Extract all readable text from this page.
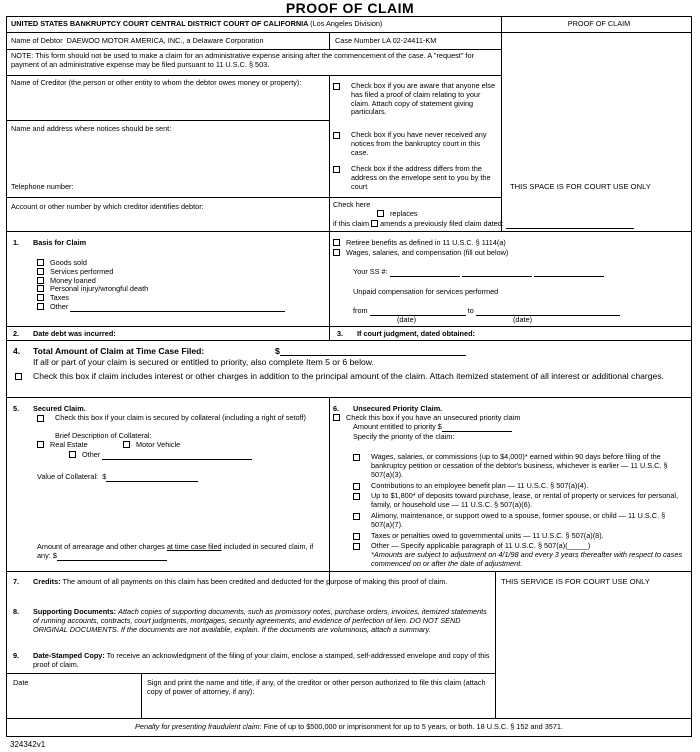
PROOF OF CLAIM
UNITED STATES BANKRUPTCY COURT CENTRAL DISTRICT COURT OF CALIFORNIA (Los Angeles Division)	PROOF OF CLAIM
Name of Debtor DAEWOO MOTOR AMERICA, INC., a Delaware Corporation	Case Number LA 02-24411-KM
NOTE: This form should not be used to make a claim for an administrative expense arising after the commencement of the case. A "request" for payment of an administrative expense may be filed pursuant to 11 U.S.C. § 503.
Name of Creditor (the person or other entity to whom the debtor owes money or property):
Name and address where notices should be sent:
Telephone number:
Check box if you are aware that anyone else has filed a proof of claim relating to your claim. Attach copy of statement giving particulars.
Check box if you have never received any notices from the bankruptcy court in this case.
Check box if the address differs from the address on the envelope sent to you by the court	THIS SPACE IS FOR COURT USE ONLY
Account or other number by which creditor identifies debtor:	Check here
replaces
if this claim amends a previously filed claim dated:
1. Basis for Claim
Goods sold
Services performed
Money loaned
Personal injury/wrongful death
Taxes
Other
Retiree benefits as defined in 11 U.S.C. § 1114(a)
Wages, salaries, and compensation (fill out below)
Your SS #:
Unpaid compensation for services performed
from	to
(date)	(date)
2. Date debt was incurred:	3. If court judgment, dated obtained:
4. Total Amount of Claim at Time Case Filed:	$
If all or part of your claim is secured or entitled to priority, also complete Item 5 or 6 below.
Check this box if claim includes interest or other charges in addition to the principal amount of the claim. Attach itemized statement of all interest or additional charges.
5. Secured Claim.
Check this box if your claim is secured by collateral (including a right of setoff)
Brief Description of Collateral:
Real Estate	Motor Vehicle
Other
Value of Collateral: $
Amount of arrearage and other charges at time case filed included in secured claim, if any: $
6. Unsecured Priority Claim.
Check this box if you have an unsecured priority claim
Amount entitled to priority $
Specify the priority of the claim:
Wages, salaries, or commissions (up to $4,000)* earned within 90 days before filing of the bankruptcy petition or cessation of the debtor's business, whichever is earlier — 11 U.S.C. § 507(a)(3).
Contributions to an employee benefit plan — 11 U.S.C. § 507(a)(4).
Up to $1,800* of deposits toward purchase, lease, or rental of property or services for personal, family, or household use — 11 U.S.C. § 507(a)(6).
Alimony, maintenance, or support owed to a spouse, former spouse, or child — 11 U.S.C. § 507(a)(7).
Taxes or penalties owed to governmental units — 11 U.S.C. § 507(a)(8).
Other — Specify applicable paragraph of 11 U.S.C. § 507(a)(_____)
*Amounts are subject to adjustment on 4/1/98 and every 3 years thereafter with respect to cases commenced on or after the date of adjustment.
7. Credits: The amount of all payments on this claim has been credited and deducted for the purpose of making this proof of claim.
8. Supporting Documents: Attach copies of supporting documents, such as promissory notes, purchase orders, invoices, itemized statements of running accounts, contracts, court judgments, mortgages, security agreements, and evidence of perfection of lien. DO NOT SEND ORIGINAL DOCUMENTS. If the documents are not available, explain. If the documents are voluminous, attach a summary.
9. Date-Stamped Copy: To receive an acknowledgment of the filing of your claim, enclose a stamped, self-addressed envelope and copy of this proof of claim.
THIS SERVICE IS FOR COURT USE ONLY
Date	Sign and print the name and title, if any, of the creditor or other person authorized to file this claim (attach copy of power of attorney, if any):
Penalty for presenting fraudulent claim: Fine of up to $500,000 or imprisonment for up to 5 years, or both. 18 U.S.C. § 152 and 3571.
324342v1
